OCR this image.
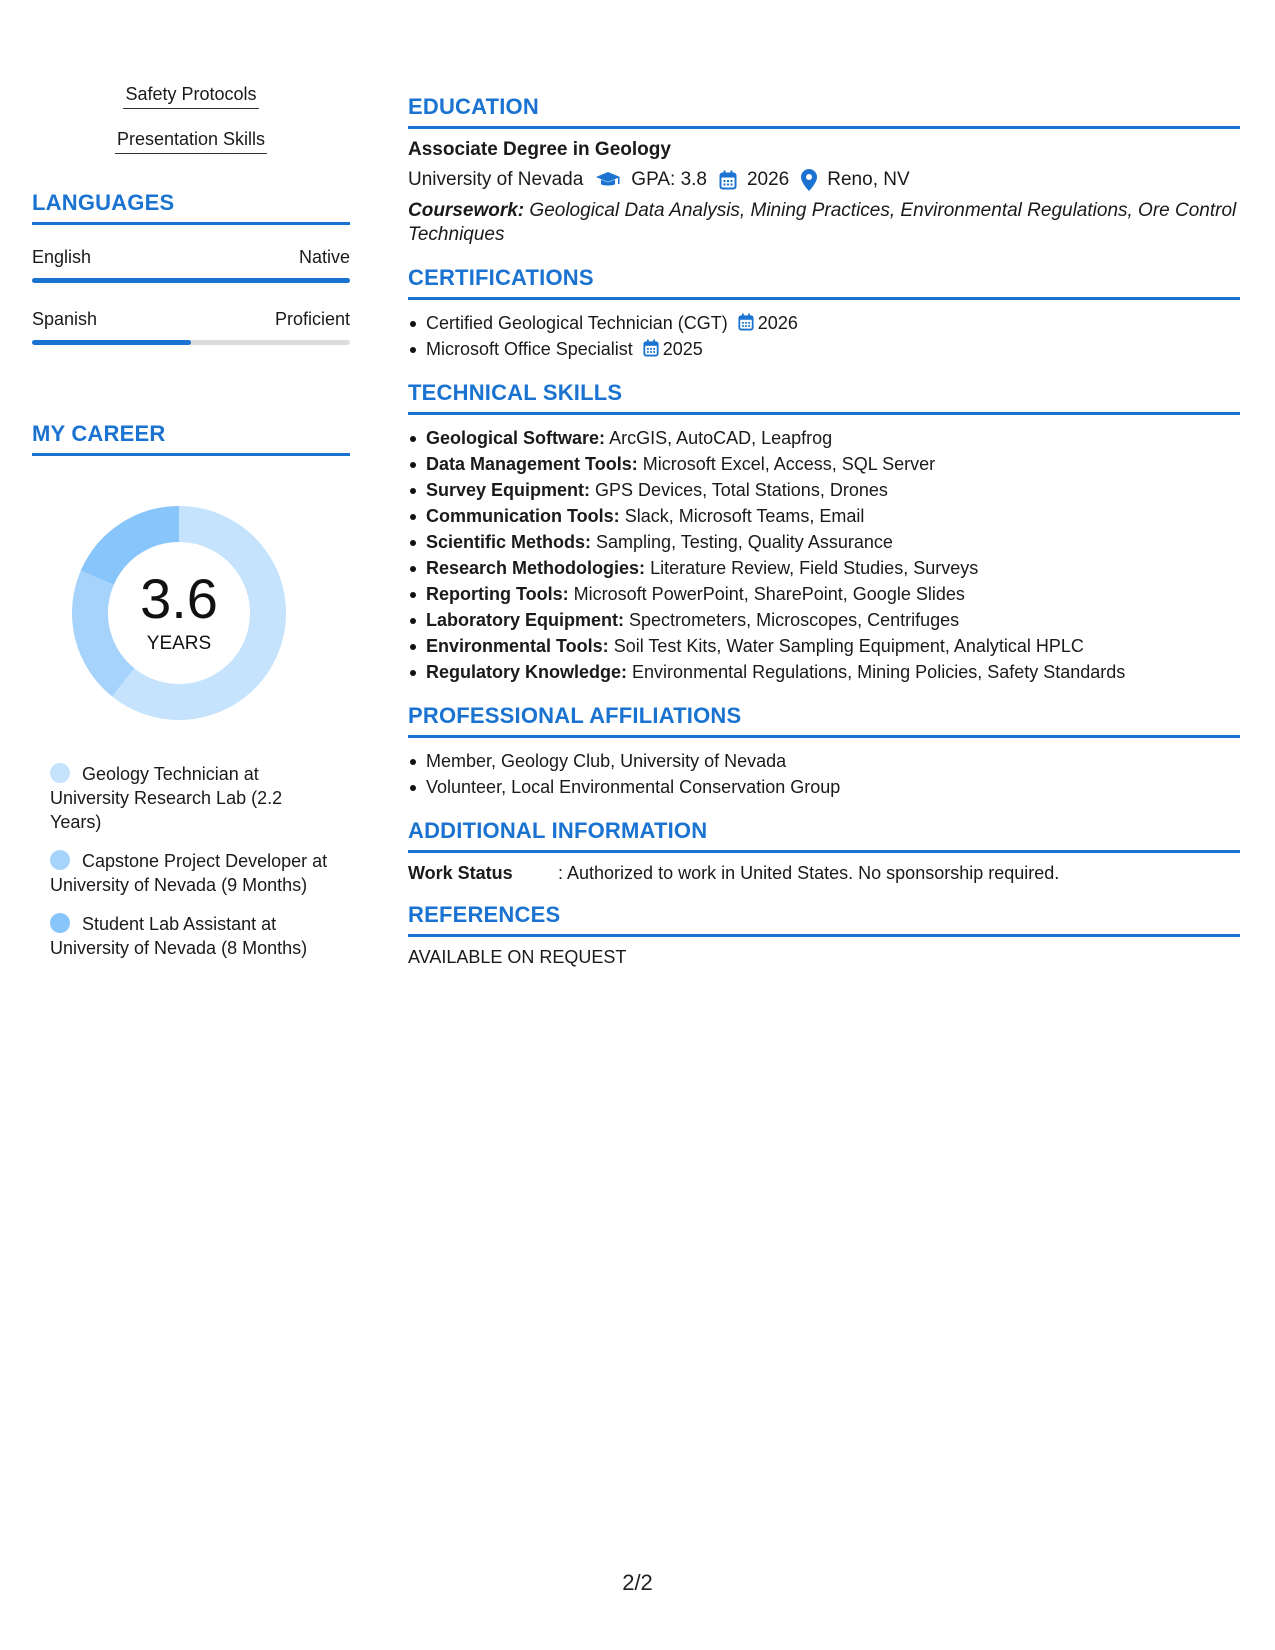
Safety Protocols
Presentation Skills
LANGUAGES
English	Native
Spanish	Proficient
MY CAREER
3.6
YEARS
Geology Technician at University Research Lab (2.2 Years)
Capstone Project Developer at University of Nevada (9 Months)
Student Lab Assistant at University of Nevada (8 Months)
EDUCATION
Associate Degree in Geology
University of Nevada	GPA: 3.8 2026 Reno, NV
Coursework: Geological Data Analysis, Mining Practices, Environmental Regulations, Ore Control Techniques
CERTIFICATIONS
Certified Geological Technician (CGT) 2026
Microsoft Office Specialist 2025
TECHNICAL SKILLS
Geological Software: ArcGIS, AutoCAD, Leapfrog
Data Management Tools: Microsoft Excel, Access, SQL Server
Survey Equipment: GPS Devices, Total Stations, Drones
Communication Tools: Slack, Microsoft Teams, Email
Scientific Methods: Sampling, Testing, Quality Assurance
Research Methodologies: Literature Review, Field Studies, Surveys
Reporting Tools: Microsoft PowerPoint, SharePoint, Google Slides
Laboratory Equipment: Spectrometers, Microscopes, Centrifuges
Environmental Tools: Soil Test Kits, Water Sampling Equipment, Analytical HPLC
Regulatory Knowledge: Environmental Regulations, Mining Policies, Safety Standards
PROFESSIONAL AFFILIATIONS
Member, Geology Club, University of Nevada
Volunteer, Local Environmental Conservation Group
ADDITIONAL INFORMATION
Work Status	: Authorized to work in United States. No sponsorship required.
REFERENCES
AVAILABLE ON REQUEST
2/2
